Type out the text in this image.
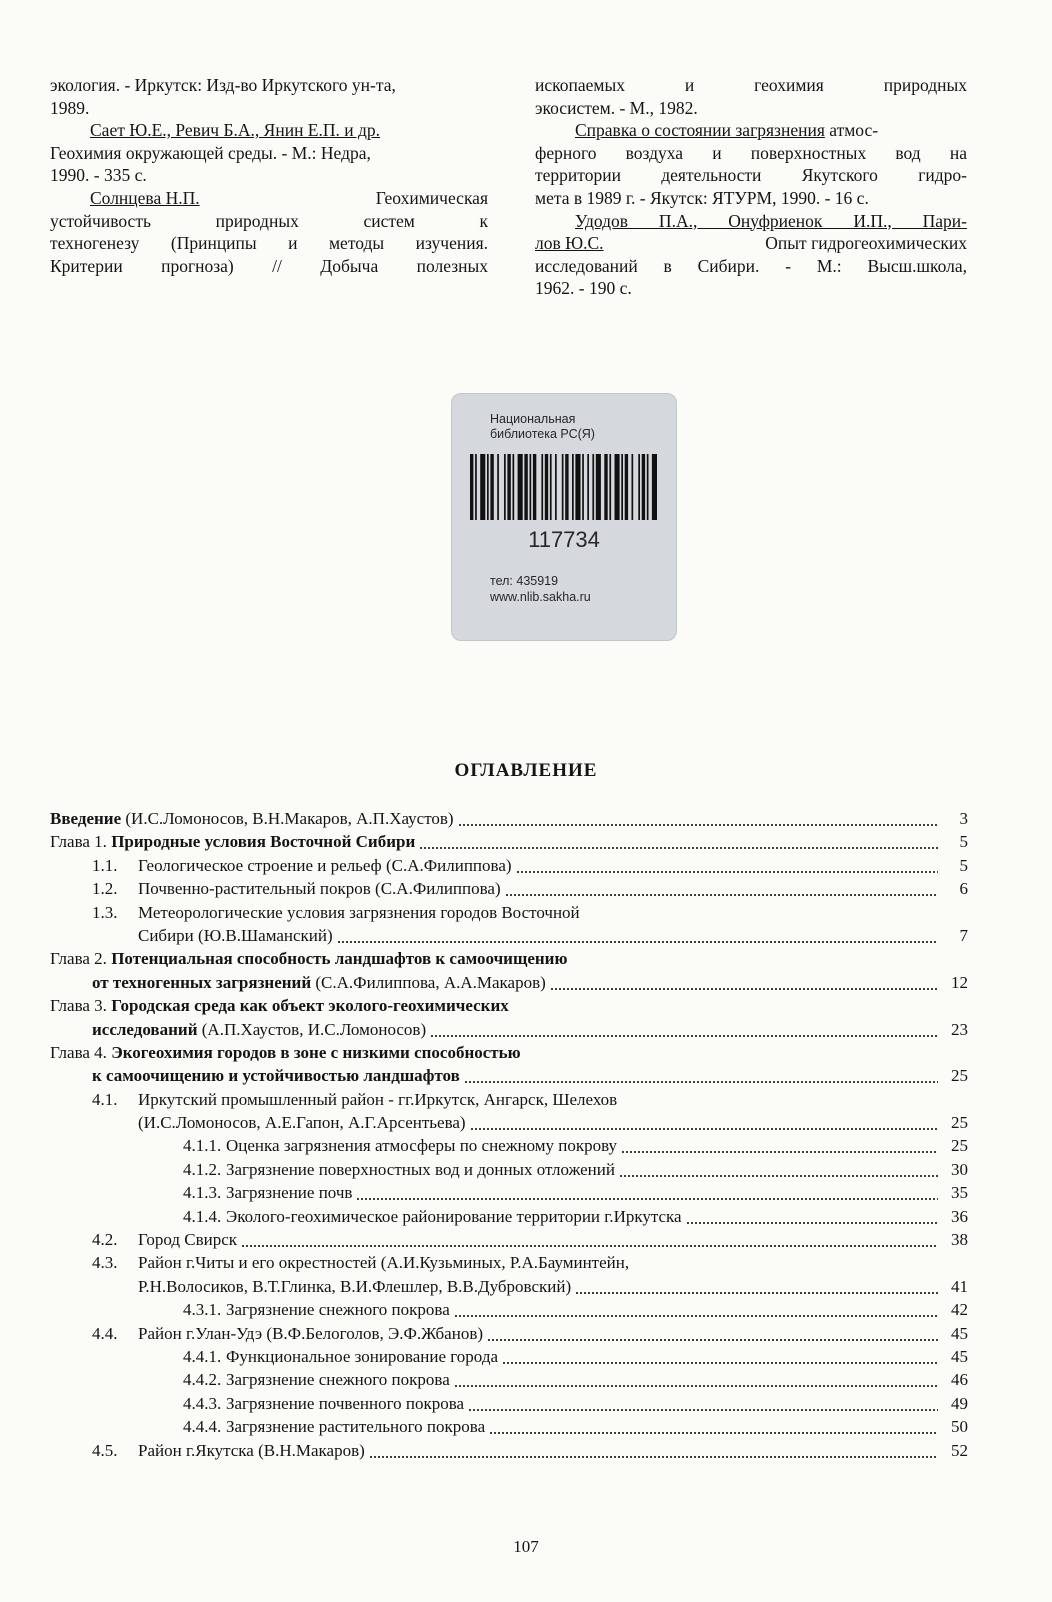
экология. - Иркутск: Изд-во Иркутского ун-та,
1989.
Сает Ю.Е., Ревич Б.А., Янин Е.П. и др.
Геохимия окружающей среды. - М.: Недра,
1990. - 335 с.
Солнцева Н.П.	Геохимическая
устойчивость природных систем к
техногенезу (Принципы и методы изучения.
Критерии прогноза) // Добыча полезных
ископаемых и геохимия природных
экосистем. - М., 1982.
Справка о состоянии загрязнения атмос-
ферного воздуха и поверхностных вод на
территории деятельности Якутского гидро-
мета в 1989 г. - Якутск: ЯТУРМ, 1990. - 16 с.
Удодов П.А., Онуфриенок И.П., Пари-
лов Ю.С.	Опыт гидрогеохимических
исследований в Сибири. - М.: Высш.школа,
1962. - 190 с.
Национальная
библиотека РС(Я)
117734
тел: 435919
www.nlib.sakha.ru
ОГЛАВЛЕНИЕ
Введение (И.С.Ломоносов, В.Н.Макаров, А.П.Хаустов)	3
Глава 1. Природные условия Восточной Сибири	5
1.1. Геологическое строение и рельеф (С.А.Филиппова)	5
1.2. Почвенно-растительный покров (С.А.Филиппова)	6
1.3. Метеорологические условия загрязнения городов Восточной
Сибири (Ю.В.Шаманский)	7
Глава 2. Потенциальная способность ландшафтов к самоочищению
от техногенных загрязнений (С.А.Филиппова, А.А.Макаров)	12
Глава 3. Городская среда как объект эколого-геохимических
исследований (А.П.Хаустов, И.С.Ломоносов)	23
Глава 4. Экогеохимия городов в зоне с низкими способностью
к самоочищению и устойчивостью ландшафтов	25
4.1. Иркутский промышленный район - гг.Иркутск, Ангарск, Шелехов
(И.С.Ломоносов, А.Е.Гапон, А.Г.Арсентьева)	25
4.1.1. Оценка загрязнения атмосферы по снежному покрову	25
4.1.2. Загрязнение поверхностных вод и донных отложений	30
4.1.3. Загрязнение почв	35
4.1.4. Эколого-геохимическое районирование территории г.Иркутска	36
4.2. Город Свирск	38
4.3. Район г.Читы и его окрестностей (А.И.Кузьминых, Р.А.Бауминтейн,
Р.Н.Волосиков, В.Т.Глинка, В.И.Флешлер, В.В.Дубровский)	41
4.3.1. Загрязнение снежного покрова	42
4.4. Район г.Улан-Удэ (В.Ф.Белоголов, Э.Ф.Жбанов)	45
4.4.1. Функциональное зонирование города	45
4.4.2. Загрязнение снежного покрова	46
4.4.3. Загрязнение почвенного покрова	49
4.4.4. Загрязнение растительного покрова	50
4.5. Район г.Якутска (В.Н.Макаров)	52
107
